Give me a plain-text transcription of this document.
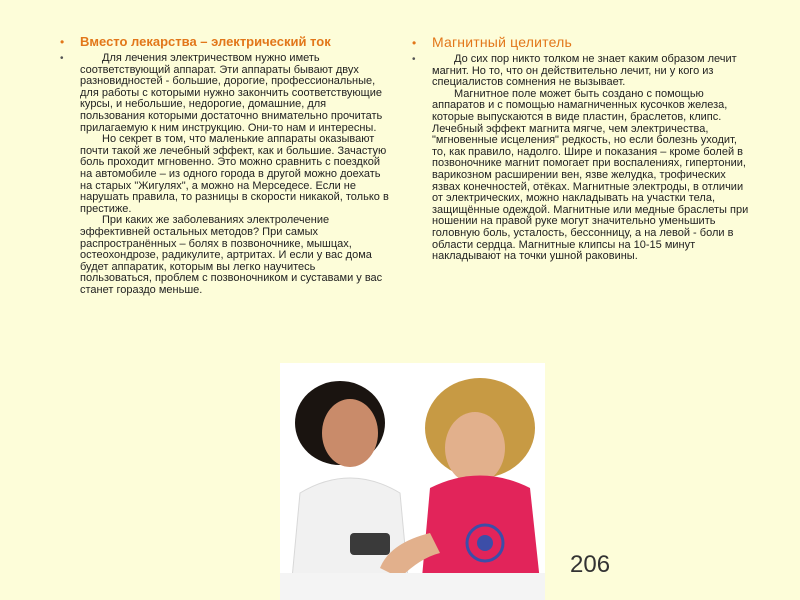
•	Вместо лекарства – электрический ток
•	Для лечения электричеством нужно иметь соответствующий аппарат. Эти аппараты бывают двух разновидностей - большие, дорогие, профессиональные, для работы с которыми нужно закончить соответствующие курсы, и небольшие, недорогие, домашние, для пользования которыми достаточно внимательно прочитать прилагаемую к ним инструкцию. Они-то нам и интересны.

Но секрет в том, что маленькие аппараты оказывают почти такой же лечебный эффект, как и большие. Зачастую боль проходит мгновенно. Это можно сравнить с поездкой на автомобиле – из одного города в другой можно доехать на старых "Жигулях", а можно на Мерседесе. Если не нарушать правила, то разницы в скорости никакой, только в престиже.

При каких же заболеваниях электролечение эффективней остальных методов? При самых распространённых – болях в позвоночнике, мышцах, остеохондрозе, радикулите, артритах. И если у вас дома будет аппаратик, которым вы легко научитесь пользоваться, проблем с позвоночником и суставами у вас станет гораздо меньше.

•	Магнитный целитель
•	До сих пор никто толком не знает каким образом лечит магнит. Но то, что он действительно лечит, ни у кого из специалистов сомнения не вызывает.

Магнитное поле может быть создано с помощью аппаратов и с помощью намагниченных кусочков железа, которые выпускаются в виде пластин, браслетов, клипс. Лечебный эффект магнита мягче, чем электричества, "мгновенные исцеления" редкость, но если болезнь уходит, то, как правило, надолго. Шире и показания – кроме болей в позвоночнике магнит помогает при воспалениях, гипертонии, варикозном расширении вен, язве желудка, трофических язвах конечностей, отёках. Магнитные электроды, в отличии от электрических, можно накладывать на участки тела, защищённые одеждой. Магнитные или медные браслеты при ношении на правой руке могут значительно уменьшить головную боль, усталость, бессонницу, а на левой - боли в области сердца. Магнитные клипсы на 10-15 минут накладывают на точки ушной раковины.

206
